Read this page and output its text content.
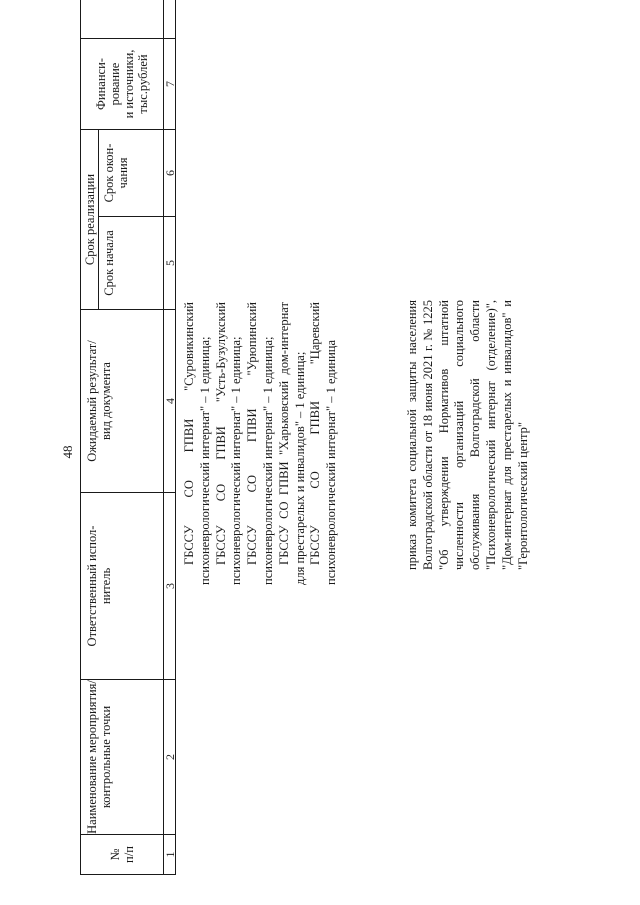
48
№
п/п
Наименование мероприятия/
контрольные точки
Ответственный испол-
нитель
Ожидаемый результат/
вид документа
Срок реализации Срок начала
Срок окон-
чания
Финанси-
рование
и источники,
тыс.рублей
1
2
3
4
5
6
7

ГБССУ СО ГПВИ "Суровикинский психоневрологический интернат" – 1 единица; ГБССУ СО ГПВИ "Усть-Бузулукский психоневрологический интернат" – 1 единица; ГБССУ СО ГПВИ "Урюпинский психоневрологический интернат" – 1 единица; ГБССУ СО ГПВИ "Харьковский дом-интернат для престарелых и инвалидов" – 1 единица; ГБССУ СО ГПВИ "Царевский психоневрологический интернат" – 1 единица	приказ комитета социальной защиты населения Волгоградской области от 18 июня 2021 г. № 1225 "Об утверждении Нормативов штатной численности организаций социального обслуживания Волгоградской области "Психоневрологический интернат (отделение)", "Дом-интернат для престарелых и инвалидов" и "Геронтологический центр"
